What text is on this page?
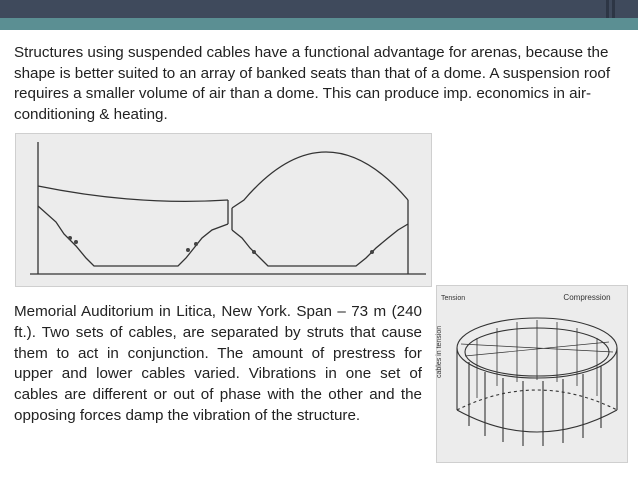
Structures using suspended cables have a functional advantage for arenas, because the shape is better suited to an array of banked seats than that of a dome. A suspension roof requires a smaller volume of air than a dome. This can produce imp. economics in air-conditioning & heating.

Memorial Auditorium in Litica, New York. Span – 73 m (240 ft.). Two sets of cables, are separated by struts that cause them to act in conjunction. The amount of prestress for upper and lower cables varied. Vibrations in one set of cables are different or out of phase with the other and the opposing forces damp the vibration of the structure.

Compression
Tension
cables in tension
